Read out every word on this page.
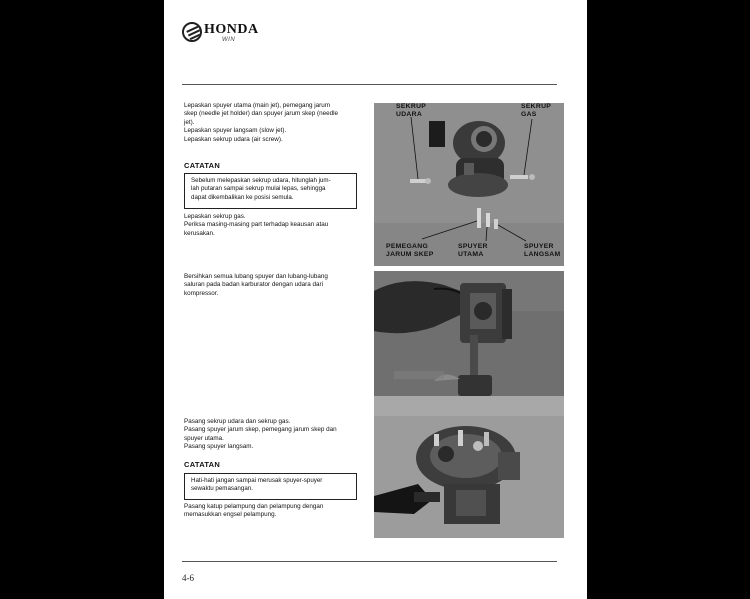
HONDA
WIN
Lepaskan spuyer utama (main jet), pemegang jarum
skep (needle jet holder) dan spuyer jarum skep (needle
jet).
Lepaskan spuyer langsam (slow jet).
Lepaskan sekrup udara (air screw).
CATATAN
Sebelum melepaskan sekrup udara, hitunglah jum-
lah putaran sampai sekrup mulai lepas, sehingga
dapat dikembalikan ke posisi semula.
Lepaskan sekrup gas.
Periksa masing-masing part terhadap keausan atau
kerusakan.
Bersihkan semua lubang spuyer dan lubang-lubang
saluran pada badan karburator dengan udara dari
kompressor.
Pasang sekrup udara dan sekrup gas.
Pasang spuyer jarum skep, pemegang jarum skep dan
spuyer utama.
Pasang spuyer langsam.
CATATAN
Hati-hati jangan sampai merusak spuyer-spuyer
sewaktu pemasangan.
Pasang katup pelampung dan pelampung dengan
memasukkan engsel pelampung.
SEKRUP
UDARA
SEKRUP
GAS
PEMEGANG
JARUM SKEP
SPUYER
UTAMA
SPUYER
LANGSAM
4-6
